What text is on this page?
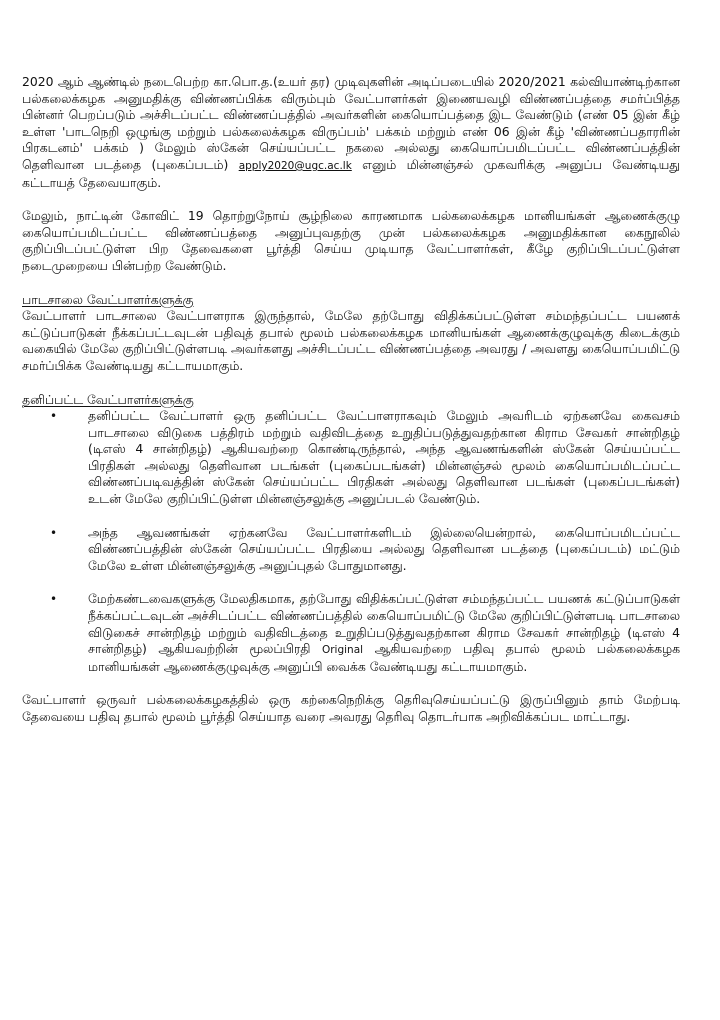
2020 ஆம் ஆண்டில் நடைபெற்ற கா.பொ.த.(உயர் தர) முடிவுகளின் அடிப்படையில் 2020/2021 கல்வியாண்டிற்கான பல்கலைக்கழக அனுமதிக்கு விண்ணப்பிக்க விரும்பும் வேட்பாளர்கள் இணையவழி விண்ணப்பத்தை சமர்ப்பித்த பின்னர் பெறப்படும் அச்சிடப்பட்ட விண்ணப்பத்தில் அவர்களின் கையொப்பத்தை இட வேண்டும் (எண் 05 இன் கீழ் உள்ள 'பாடநெறி ஒழுங்கு மற்றும் பல்கலைக்கழக விருப்பம்' பக்கம் மற்றும் எண் 06 இன் கீழ் 'விண்ணப்பதாரரின் பிரகடனம்' பக்கம் ) மேலும் ஸ்கேன் செய்யப்பட்ட நகலை அல்லது கையொப்பமிடப்பட்ட விண்ணப்பத்தின் தெளிவான படத்தை (புகைப்படம்) apply2020@ugc.ac.lk எனும் மின்னஞ்சல் முகவரிக்கு அனுப்ப வேண்டியது கட்டாயத் தேவையாகும்.

மேலும், நாட்டின் கோவிட் 19 தொற்றுநோய் சூழ்நிலை காரணமாக பல்கலைக்கழக மானியங்கள் ஆணைக்குழு கையொப்பமிடப்பட்ட விண்ணப்பத்தை அனுப்புவதற்கு முன் பல்கலைக்கழக அனுமதிக்கான கைநூலில் குறிப்பிடப்பட்டுள்ள பிற தேவைகளை பூர்த்தி செய்ய முடியாத வேட்பாளர்கள், கீழே குறிப்பிடப்பட்டுள்ள நடைமுறையை பின்பற்ற வேண்டும்.

பாடசாலை வேட்பாளர்களுக்கு

வேட்பாளர் பாடசாலை வேட்பாளராக இருந்தால், மேலே தற்போது விதிக்கப்பட்டுள்ள சம்மந்தப்பட்ட பயணக் கட்டுப்பாடுகள் நீக்கப்பட்டவுடன் பதிவுத் தபால் மூலம் பல்கலைக்கழக மானியங்கள் ஆணைக்குழுவுக்கு கிடைக்கும் வகையில் மேலே குறிப்பிட்டுள்ளபடி அவர்களது அச்சிடப்பட்ட விண்ணப்பத்தை அவரது / அவளது கையொப்பமிட்டு சமர்ப்பிக்க வேண்டியது கட்டாயமாகும்.

தனிப்பட்ட வேட்பாளர்களுக்கு

• தனிப்பட்ட வேட்பாளர் ஒரு தனிப்பட்ட வேட்பாளராகவும் மேலும் அவரிடம் ஏற்கனவே கைவசம் பாடசாலை விடுகை பத்திரம் மற்றும் வதிவிடத்தை உறுதிப்படுத்துவதற்கான கிராம சேவகர் சான்றிதழ் (டிஎஸ் 4 சான்றிதழ்) ஆகியவற்றை கொண்டிருந்தால், அந்த ஆவணங்களின் ஸ்கேன் செய்யப்பட்ட பிரதிகள் அல்லது தெளிவான படங்கள் (புகைப்படங்கள்) மின்னஞ்சல் மூலம் கையொப்பமிடப்பட்ட விண்ணப்படிவத்தின் ஸ்கேன் செய்யப்பட்ட பிரதிகள் அல்லது தெளிவான படங்கள் (புகைப்படங்கள்) உடன் மேலே குறிப்பிட்டுள்ள மின்னஞ்சலுக்கு அனுப்படல் வேண்டும்.
• அந்த ஆவணங்கள் ஏற்கனவே வேட்பாளர்களிடம் இல்லையென்றால், கையொப்பமிடப்பட்ட விண்ணப்பத்தின் ஸ்கேன் செய்யப்பட்ட பிரதியை அல்லது தெளிவான படத்தை (புகைப்படம்) மட்டும் மேலே உள்ள மின்னஞ்சலுக்கு அனுப்புதல் போதுமானது.
• மேற்கண்டவைகளுக்கு மேலதிகமாக, தற்போது விதிக்கப்பட்டுள்ள சம்மந்தப்பட்ட பயணக் கட்டுப்பாடுகள் நீக்கப்பட்டவுடன் அச்சிடப்பட்ட விண்ணப்பத்தில் கையொப்பமிட்டு மேலே குறிப்பிட்டுள்ளபடி பாடசாலை விடுகைச் சான்றிதழ் மற்றும் வதிவிடத்தை உறுதிப்படுத்துவதற்கான கிராம சேவகர் சான்றிதழ் (டிஎஸ் 4 சான்றிதழ்) ஆகியவற்றின் மூலப்பிரதி Original ஆகியவற்றை பதிவு தபால் மூலம் பல்கலைக்கழக மானியங்கள் ஆணைக்குழுவுக்கு அனுப்பி வைக்க வேண்டியது கட்டாயமாகும்.

வேட்பாளர் ஒருவர் பல்கலைக்கழகத்தில் ஒரு கற்கைநெறிக்கு தெரிவுசெய்யப்பட்டு இருப்பினும் தாம் மேற்படி தேவையை பதிவு தபால் மூலம் பூர்த்தி செய்யாத வரை அவரது தெரிவு தொடர்பாக அறிவிக்கப்பட மாட்டாது.
